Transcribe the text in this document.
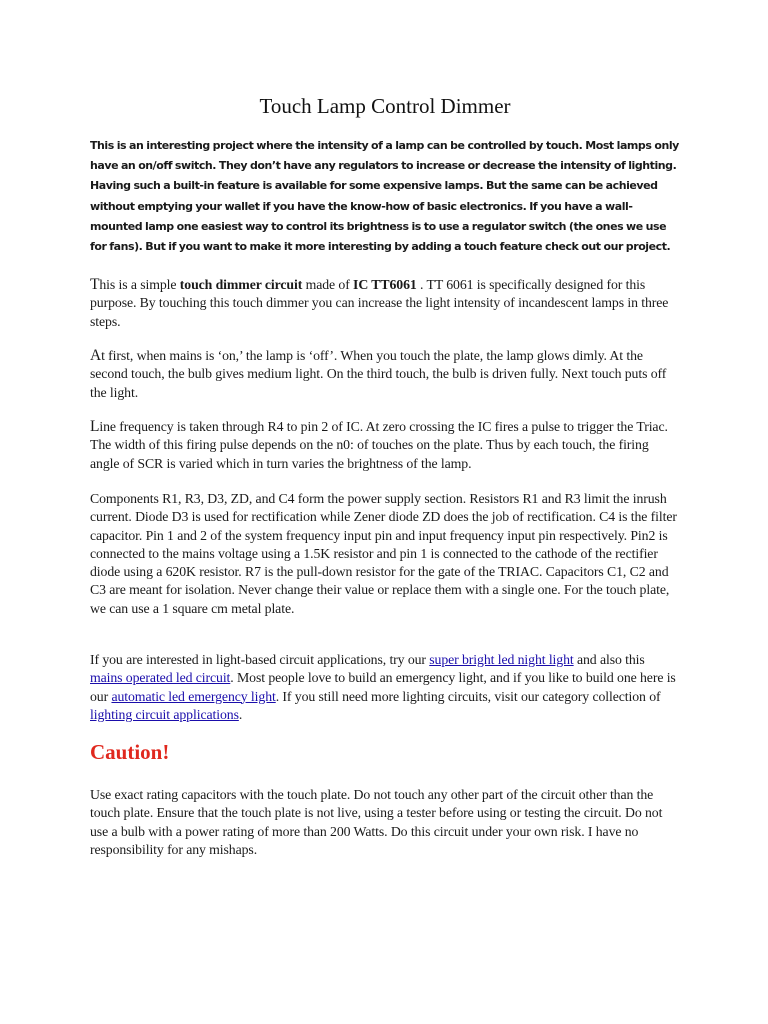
Touch Lamp Control Dimmer

This is an interesting project where the intensity of a lamp can be controlled by touch. Most lamps only have an on/off switch. They don’t have any regulators to increase or decrease the intensity of lighting. Having such a built-in feature is available for some expensive lamps. But the same can be achieved without emptying your wallet if you have the know-how of basic electronics. If you have a wall-mounted lamp one easiest way to control its brightness is to use a regulator switch (the ones we use for fans). But if you want to make it more interesting by adding a touch feature check out our project.

This is a simple touch dimmer circuit made of IC TT6061 . TT 6061 is specifically designed for this purpose. By touching this touch dimmer you can increase the light intensity of incandescent lamps in three steps.

At first, when mains is ‘on,’ the lamp is ‘off’. When you touch the plate, the lamp glows dimly. At the second touch, the bulb gives medium light. On the third touch, the bulb is driven fully. Next touch puts off the light.

Line frequency is taken through R4 to pin 2 of IC. At zero crossing the IC fires a pulse to trigger the Triac. The width of this firing pulse depends on the n0: of touches on the plate. Thus by each touch, the firing angle of SCR is varied which in turn varies the brightness of the lamp.

Components R1, R3, D3, ZD, and C4 form the power supply section. Resistors R1 and R3 limit the inrush current. Diode D3 is used for rectification while Zener diode ZD does the job of rectification. C4 is the filter capacitor. Pin 1 and 2 of the system frequency input pin and input frequency input pin respectively. Pin2 is connected to the mains voltage using a 1.5K resistor and pin 1 is connected to the cathode of the rectifier diode using a 620K resistor. R7 is the pull-down resistor for the gate of the TRIAC. Capacitors C1, C2 and C3 are meant for isolation. Never change their value or replace them with a single one. For the touch plate, we can use a 1 square cm metal plate.

If you are interested in light-based circuit applications, try our super bright led night light and also this mains operated led circuit. Most people love to build an emergency light, and if you like to build one here is our automatic led emergency light. If you still need more lighting circuits, visit our category collection of lighting circuit applications.

Caution!

Use exact rating capacitors with the touch plate. Do not touch any other part of the circuit other than the touch plate. Ensure that the touch plate is not live, using a tester before using or testing the circuit. Do not use a bulb with a power rating of more than 200 Watts. Do this circuit under your own risk. I have no responsibility for any mishaps.
